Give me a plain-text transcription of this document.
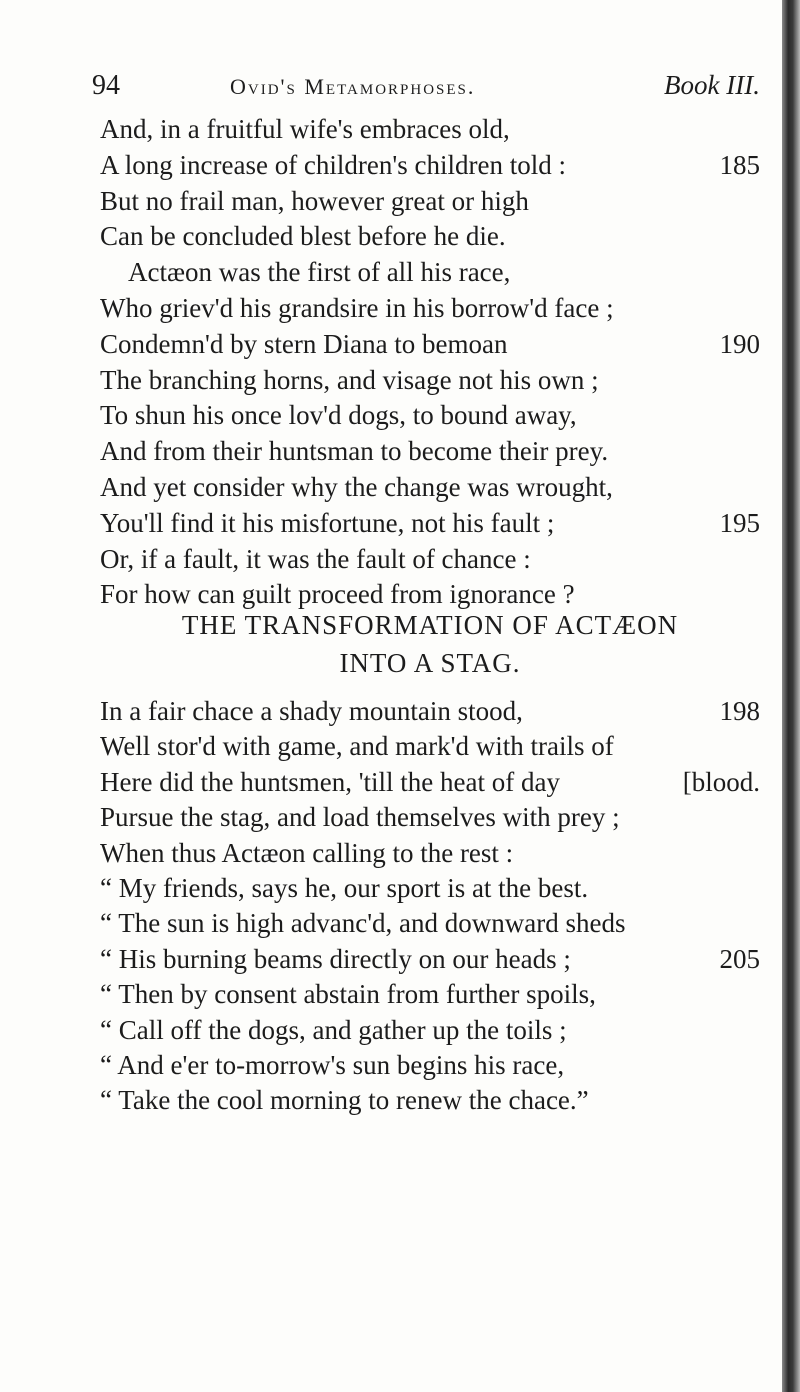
94	Ovid's Metamorphoses.	Book III.
And, in a fruitful wife's embraces old,
A long increase of children's children told :	185
But no frail man, however great or high
Can be concluded blest before he die.
Actæon was the first of all his race,
Who griev'd his grandsire in his borrow'd face ;
Condemn'd by stern Diana to bemoan	190
The branching horns, and visage not his own ;
To shun his once lov'd dogs, to bound away,
And from their huntsman to become their prey.
And yet consider why the change was wrought,
You'll find it his misfortune, not his fault ;	195
Or, if a fault, it was the fault of chance :
For how can guilt proceed from ignorance ?
THE TRANSFORMATION OF ACTÆON
INTO A STAG.
In a fair chace a shady mountain stood,	198
Well stor'd with game, and mark'd with trails of
Here did the huntsmen, 'till the heat of day	[blood.
Pursue the stag, and load themselves with prey ;
When thus Actæon calling to the rest :
“ My friends, says he, our sport is at the best.
“ The sun is high advanc'd, and downward sheds
“ His burning beams directly on our heads ;	205
“ Then by consent abstain from further spoils,
“ Call off the dogs, and gather up the toils ;
“ And e'er to-morrow's sun begins his race,
“ Take the cool morning to renew the chace.”
